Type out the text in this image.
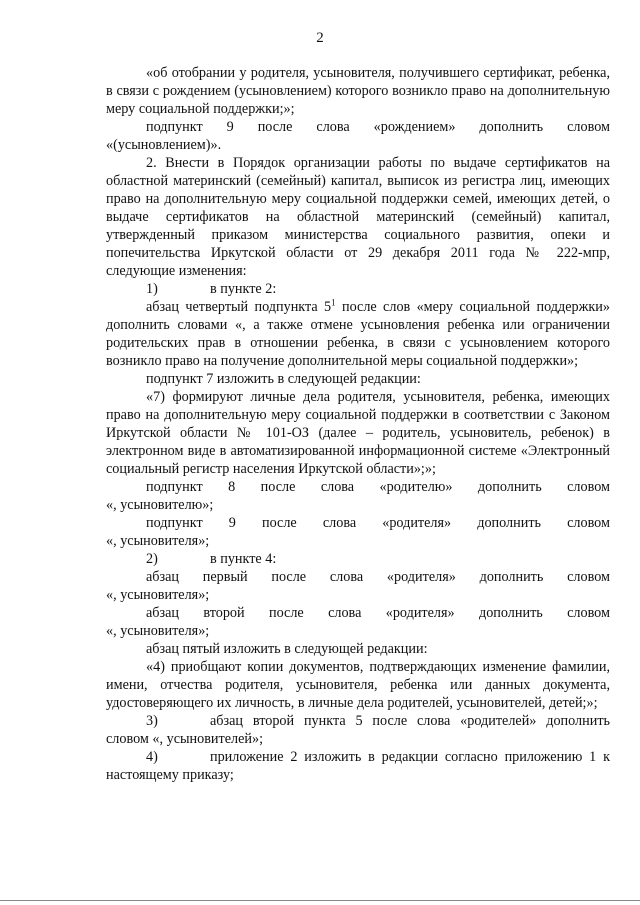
2

«об отобрании у родителя, усыновителя, получившего сертификат, ребенка, в связи с рождением (усыновлением) которого возникло право на дополнительную меру социальной поддержки;»;

подпункт 9 после слова «рождением» дополнить словом

«(усыновлением)».

2. Внести в Порядок организации работы по выдаче сертификатов на областной материнский (семейный) капитал, выписок из регистра лиц, имеющих право на дополнительную меру социальной поддержки семей, имеющих детей, о выдаче сертификатов на областной материнский (семейный) капитал, утвержденный приказом министерства социального развития, опеки и попечительства Иркутской области от 29 декабря 2011 года № 222-мпр, следующие изменения:

1)	в пункте 2:

абзац четвертый подпункта $5^1$ после слов «меру социальной поддержки» дополнить словами «, а также отмене усыновления ребенка или ограничении родительских прав в отношении ребенка, в связи с усыновлением которого возникло право на получение дополнительной меры социальной поддержки»;

подпункт 7 изложить в следующей редакции:

«7) формируют личные дела родителя, усыновителя, ребенка, имеющих право на дополнительную меру социальной поддержки в соответствии с Законом Иркутской области № 101-ОЗ (далее – родитель, усыновитель, ребенок) в электронном виде в автоматизированной информационной системе «Электронный социальный регистр населения Иркутской области»;»;

подпункт 8 после слова «родителю» дополнить словом

«, усыновителю»;

подпункт 9 после слова «родителя» дополнить словом

«, усыновителя»;

2)	в пункте 4:

абзац первый после слова «родителя» дополнить словом

«, усыновителя»;

абзац второй после слова «родителя» дополнить словом

«, усыновителя»;

абзац пятый изложить в следующей редакции:

«4) приобщают копии документов, подтверждающих изменение фамилии, имени, отчества родителя, усыновителя, ребенка или данных документа, удостоверяющего их личность, в личные дела родителей, усыновителей, детей;»;

3)	абзац второй пункта 5 после слова «родителей» дополнить словом «, усыновителей»;

4)	приложение 2 изложить в редакции согласно приложению 1 к настоящему приказу;
